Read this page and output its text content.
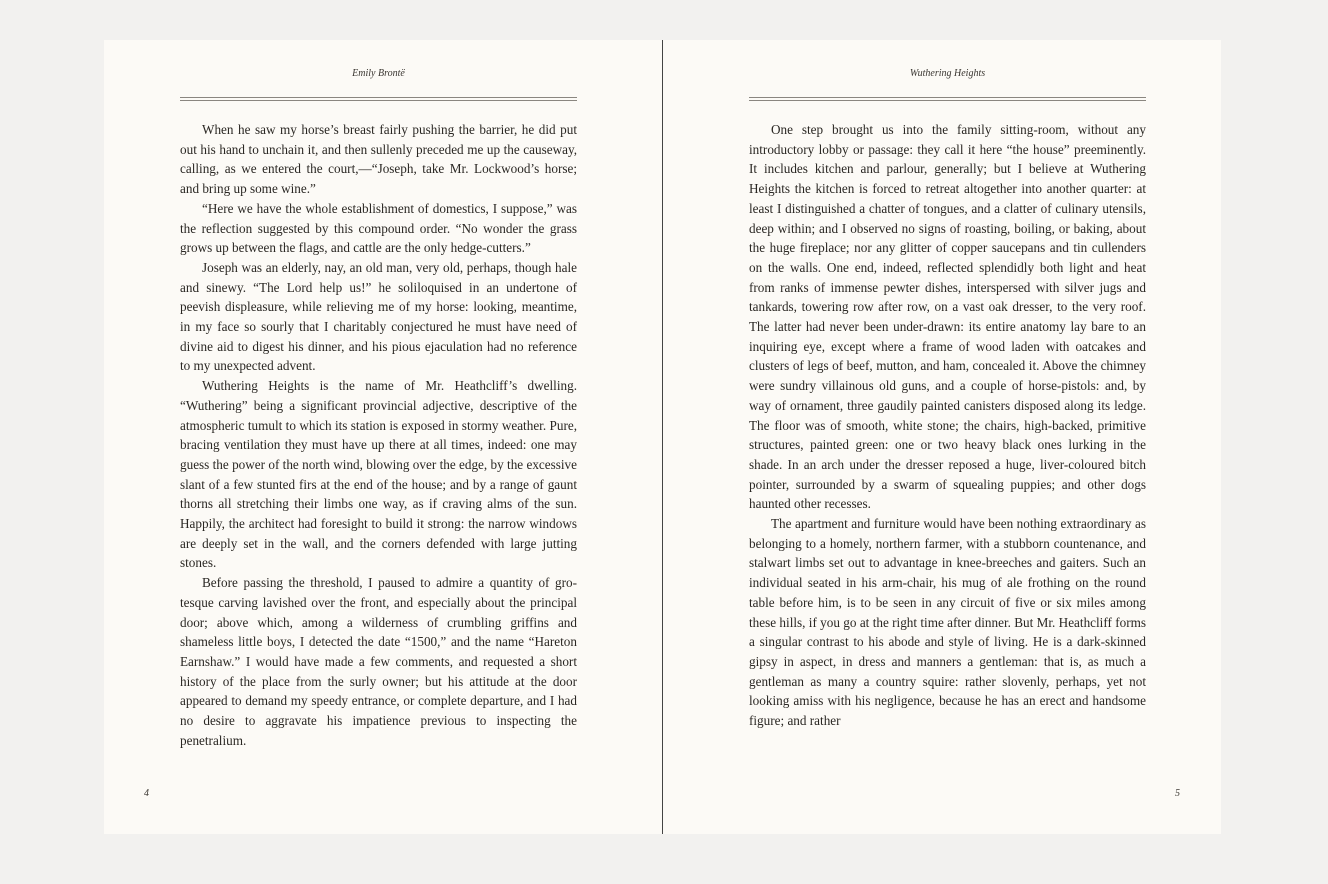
Emily Brontë

When he saw my horse’s breast fairly pushing the barrier, he did put out his hand to unchain it, and then sullenly preceded me up the causeway, calling, as we entered the court,—“Joseph, take Mr. Lockwood’s horse; and bring up some wine.”

“Here we have the whole establishment of domestics, I suppose,” was the reflection suggested by this compound order. “No wonder the grass grows up between the flags, and cattle are the only hedge-cutters.”

Joseph was an elderly, nay, an old man, very old, perhaps, though hale and sinewy. “The Lord help us!” he soliloquised in an undertone of peevish displeasure, while relieving me of my horse: looking, meantime, in my face so sourly that I charitably conjectured he must have need of divine aid to digest his dinner, and his pious ejaculation had no reference to my unexpected advent.

Wuthering Heights is the name of Mr. Heathcliff’s dwelling. “Wuthering” being a significant provincial adjective, descriptive of the atmospheric tumult to which its station is exposed in stormy weather. Pure, bracing ventilation they must have up there at all times, indeed: one may guess the power of the north wind, blowing over the edge, by the excessive slant of a few stunted firs at the end of the house; and by a range of gaunt thorns all stretching their limbs one way, as if craving alms of the sun. Happily, the architect had foresight to build it strong: the narrow windows are deeply set in the wall, and the corners defended with large jutting stones.

Before passing the threshold, I paused to admire a quantity of grotesque carving lavished over the front, and especially about the principal door; above which, among a wilderness of crumbling griffins and shameless little boys, I detected the date “1500,” and the name “Hareton Earnshaw.” I would have made a few comments, and requested a short history of the place from the surly owner; but his attitude at the door appeared to demand my speedy entrance, or complete departure, and I had no desire to aggravate his impatience previous to inspecting the penetralium.

4
Wuthering Heights

One step brought us into the family sitting-room, without any introductory lobby or passage: they call it here “the house” preeminently. It includes kitchen and parlour, generally; but I believe at Wuthering Heights the kitchen is forced to retreat altogether into another quarter: at least I distinguished a chatter of tongues, and a clatter of culinary utensils, deep within; and I observed no signs of roasting, boiling, or baking, about the huge fireplace; nor any glitter of copper saucepans and tin cullenders on the walls. One end, indeed, reflected splendidly both light and heat from ranks of immense pewter dishes, interspersed with silver jugs and tankards, towering row after row, on a vast oak dresser, to the very roof. The latter had never been under-drawn: its entire anatomy lay bare to an inquiring eye, except where a frame of wood laden with oatcakes and clusters of legs of beef, mutton, and ham, concealed it. Above the chimney were sundry villainous old guns, and a couple of horse-pistols: and, by way of ornament, three gaudily painted canisters disposed along its ledge. The floor was of smooth, white stone; the chairs, high-backed, primitive structures, painted green: one or two heavy black ones lurking in the shade. In an arch under the dresser reposed a huge, liver-coloured bitch pointer, surrounded by a swarm of squealing puppies; and other dogs haunted other recesses.

The apartment and furniture would have been nothing extraordinary as belonging to a homely, northern farmer, with a stubborn countenance, and stalwart limbs set out to advantage in knee-breeches and gaiters. Such an individual seated in his arm-chair, his mug of ale frothing on the round table before him, is to be seen in any circuit of five or six miles among these hills, if you go at the right time after dinner. But Mr. Heathcliff forms a singular contrast to his abode and style of living. He is a dark-skinned gipsy in aspect, in dress and manners a gentleman: that is, as much a gentleman as many a country squire: rather slovenly, perhaps, yet not looking amiss with his negligence, because he has an erect and handsome figure; and rather

5
